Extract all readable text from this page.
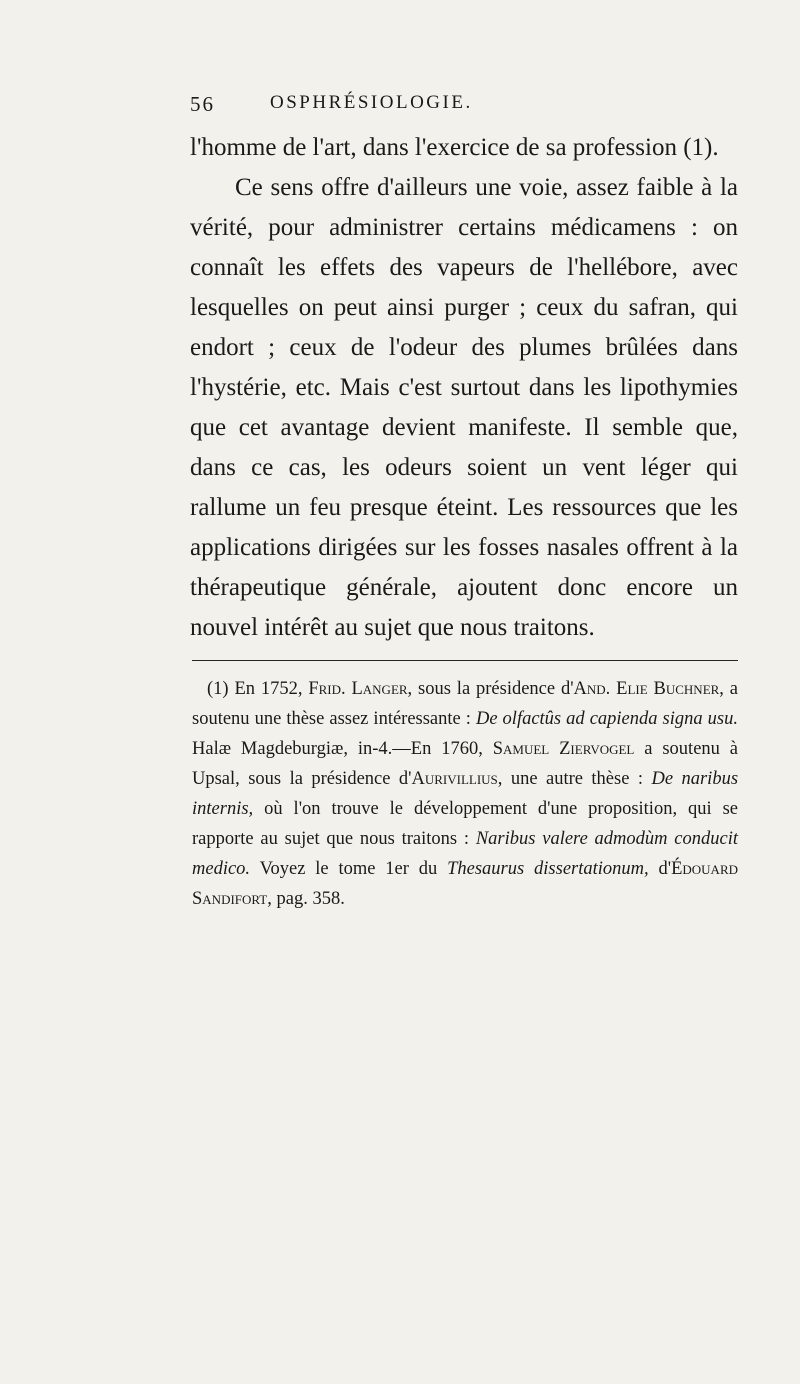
56	OSPHRÉSIOLOGIE.

l'homme de l'art, dans l'exercice de sa profession (1).

Ce sens offre d'ailleurs une voie, assez faible à la vérité, pour administrer certains médicamens : on connaît les effets des vapeurs de l'hellébore, avec lesquelles on peut ainsi purger ; ceux du safran, qui endort ; ceux de l'odeur des plumes brûlées dans l'hystérie, etc. Mais c'est surtout dans les lipothymies que cet avantage devient manifeste. Il semble que, dans ce cas, les odeurs soient un vent léger qui rallume un feu presque éteint. Les ressources que les applications dirigées sur les fosses nasales offrent à la thérapeutique générale, ajoutent donc encore un nouvel intérêt au sujet que nous traitons.

(1) En 1752, Frid. Langer, sous la présidence d'And. Elie Buchner, a soutenu une thèse assez intéressante : De olfactûs ad capienda signa usu. Halæ Magdeburgiæ, in-4.—En 1760, Samuel Ziervogel a soutenu à Upsal, sous la présidence d'Aurivillius, une autre thèse : De naribus internis, où l'on trouve le développement d'une proposition, qui se rapporte au sujet que nous traitons : Naribus valere admodùm conducit medico. Voyez le tome 1er du Thesaurus dissertationum, d'Édouard Sandifort, pag. 358.
